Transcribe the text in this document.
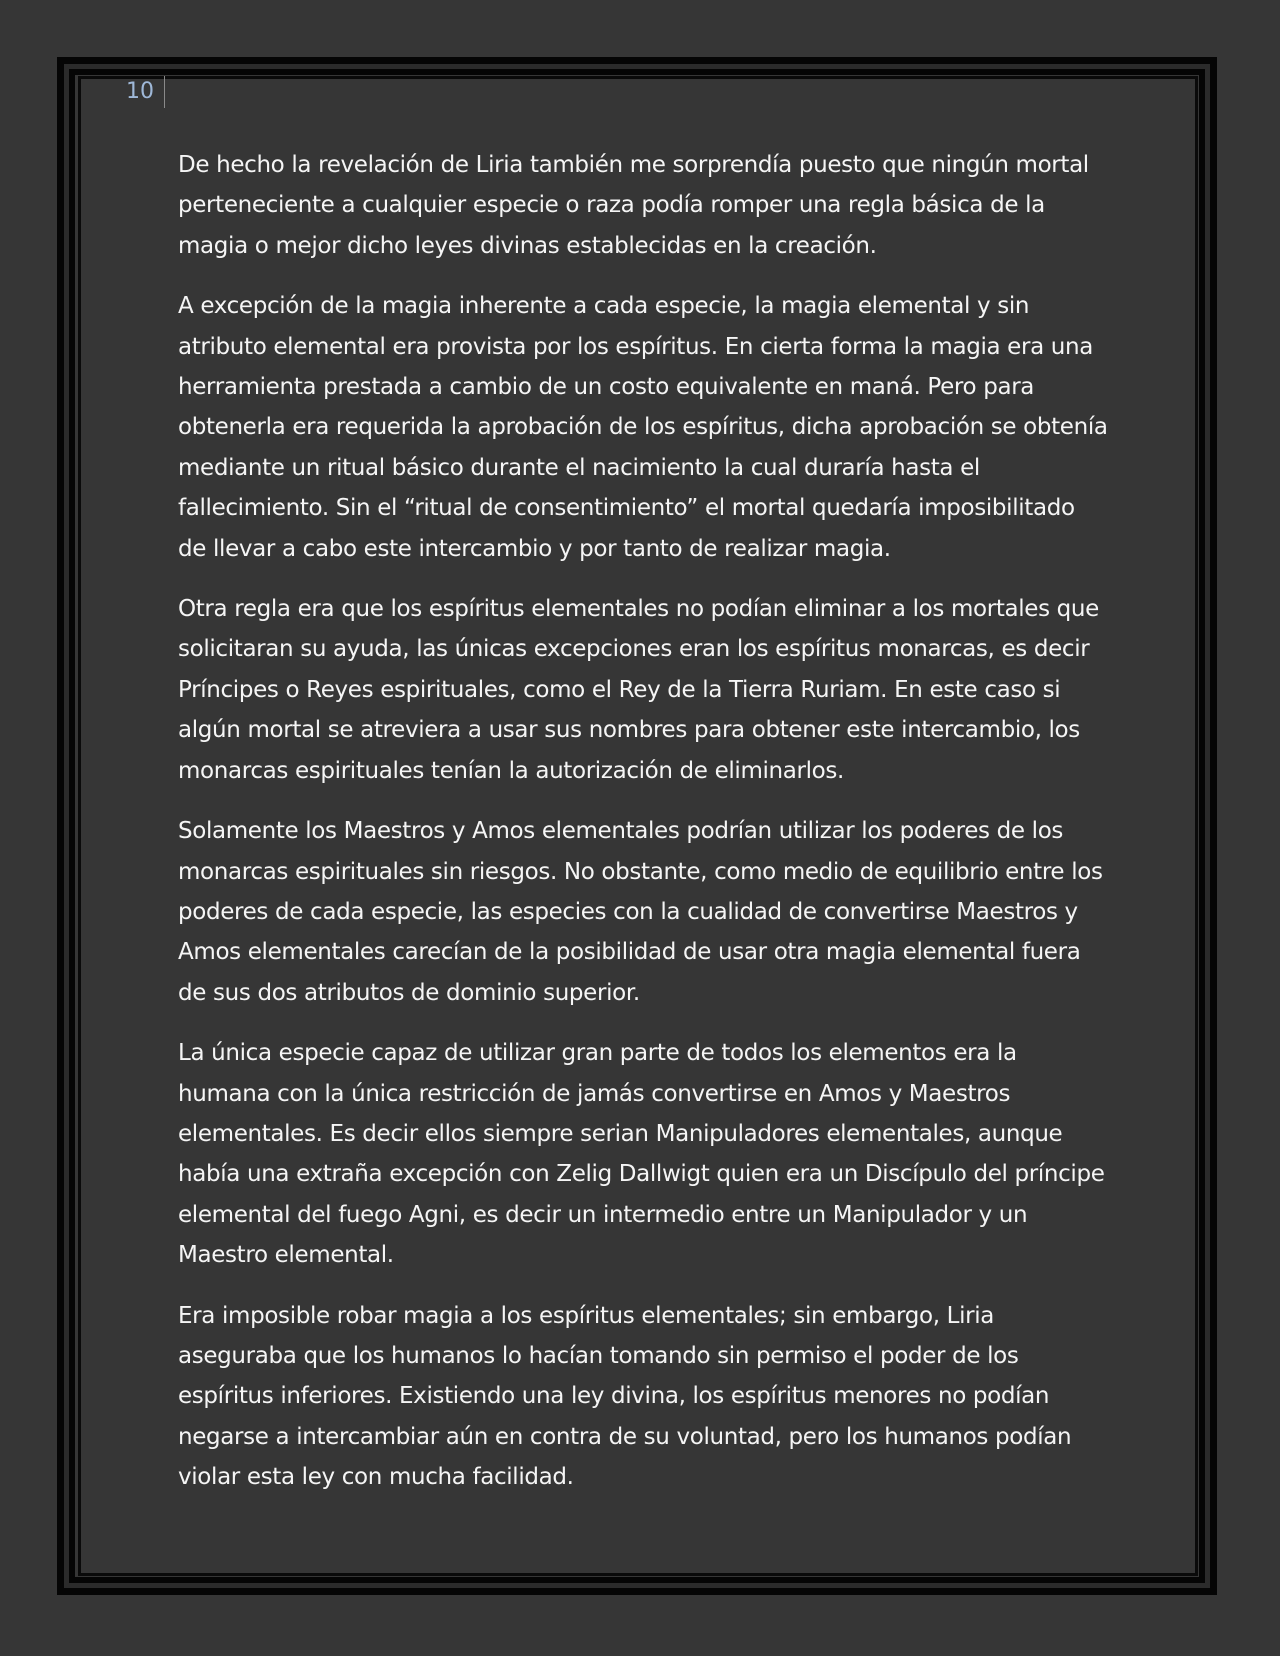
10

De hecho la revelación de Liria también me sorprendía puesto que ningún mortal perteneciente a cualquier especie o raza podía romper una regla básica de la magia o mejor dicho leyes divinas establecidas en la creación.

A excepción de la magia inherente a cada especie, la magia elemental y sin atributo elemental era provista por los espíritus. En cierta forma la magia era una herramienta prestada a cambio de un costo equivalente en maná. Pero para obtenerla era requerida la aprobación de los espíritus, dicha aprobación se obtenía mediante un ritual básico durante el nacimiento la cual duraría hasta el fallecimiento. Sin el “ritual de consentimiento” el mortal quedaría imposibilitado de llevar a cabo este intercambio y por tanto de realizar magia.

Otra regla era que los espíritus elementales no podían eliminar a los mortales que solicitaran su ayuda, las únicas excepciones eran los espíritus monarcas, es decir Príncipes o Reyes espirituales, como el Rey de la Tierra Ruriam. En este caso si algún mortal se atreviera a usar sus nombres para obtener este intercambio, los monarcas espirituales tenían la autorización de eliminarlos.

Solamente los Maestros y Amos elementales podrían utilizar los poderes de los monarcas espirituales sin riesgos. No obstante, como medio de equilibrio entre los poderes de cada especie, las especies con la cualidad de convertirse Maestros y Amos elementales carecían de la posibilidad de usar otra magia elemental fuera de sus dos atributos de dominio superior.

La única especie capaz de utilizar gran parte de todos los elementos era la humana con la única restricción de jamás convertirse en Amos y Maestros elementales. Es decir ellos siempre serian Manipuladores elementales, aunque había una extraña excepción con Zelig Dallwigt quien era un Discípulo del príncipe elemental del fuego Agni, es decir un intermedio entre un Manipulador y un Maestro elemental.

Era imposible robar magia a los espíritus elementales; sin embargo, Liria aseguraba que los humanos lo hacían tomando sin permiso el poder de los espíritus inferiores. Existiendo una ley divina, los espíritus menores no podían negarse a intercambiar aún en contra de su voluntad, pero los humanos podían violar esta ley con mucha facilidad.
